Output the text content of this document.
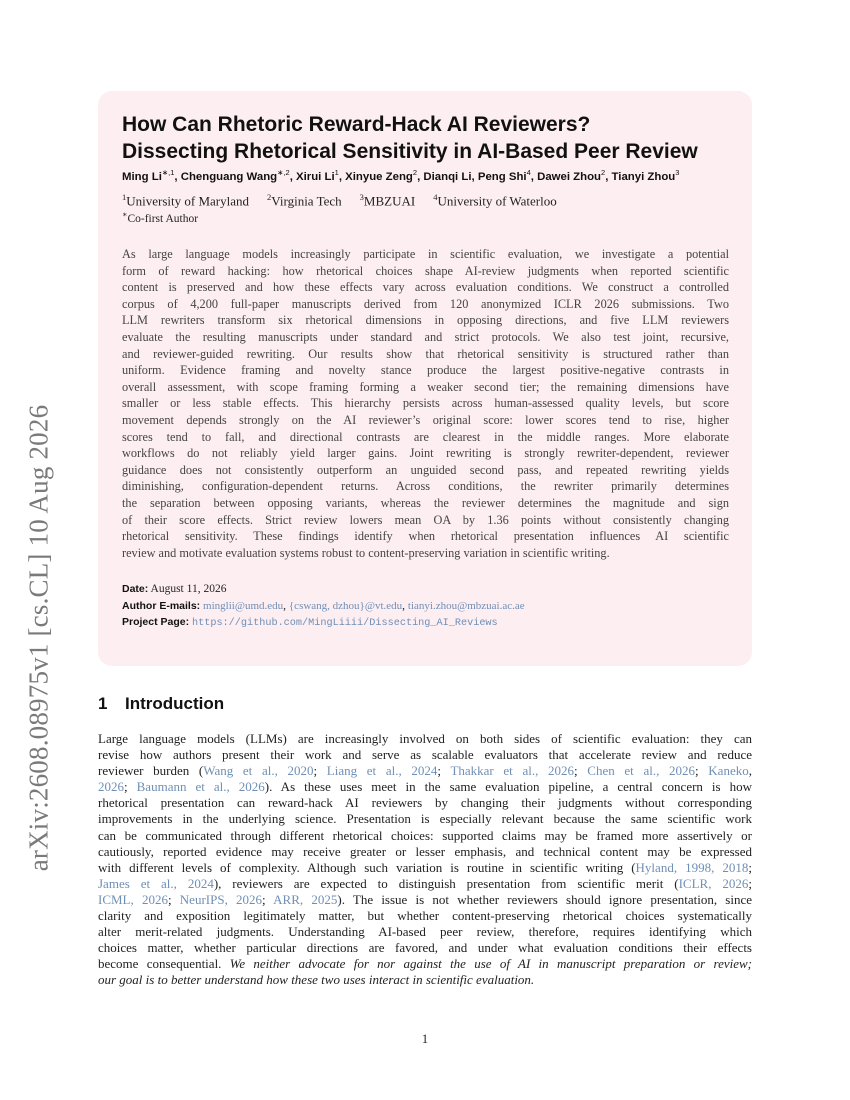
arXiv:2608.08975v1 [cs.CL] 10 Aug 2026
How Can Rhetoric Reward-Hack AI Reviewers?
Dissecting Rhetorical Sensitivity in AI-Based Peer Review
Ming $Li^{∗,1}$, Chenguang Wang$^{∗,2}$, Xirui Li$^1$, Xinyue Zeng$^2$, Dianqi Li, Peng Shi$^4$, Dawei Zhou$^2$, Tianyi Zhou$^3$
$^1$University of Maryland $^2$Virginia Tech $^3$MBZUAI $^4$University of Waterloo
∗Co-first Author
As large language models increasingly participate in scientific evaluation, we investigate a potential
form of reward hacking: how rhetorical choices shape AI-review judgments when reported scientific
content is preserved and how these effects vary across evaluation conditions. We construct a controlled
corpus of 4,200 full-paper manuscripts derived from 120 anonymized ICLR 2026 submissions. Two
LLM rewriters transform six rhetorical dimensions in opposing directions, and five LLM reviewers
evaluate the resulting manuscripts under standard and strict protocols. We also test joint, recursive,
and reviewer-guided rewriting. Our results show that rhetorical sensitivity is structured rather than
uniform. Evidence framing and novelty stance produce the largest positive-negative contrasts in
overall assessment, with scope framing forming a weaker second tier; the remaining dimensions have
smaller or less stable effects. This hierarchy persists across human-assessed quality levels, but score
movement depends strongly on the AI reviewer’s original score: lower scores tend to rise, higher
scores tend to fall, and directional contrasts are clearest in the middle ranges. More elaborate
workflows do not reliably yield larger gains. Joint rewriting is strongly rewriter-dependent, reviewer
guidance does not consistently outperform an unguided second pass, and repeated rewriting yields
diminishing, configuration-dependent returns. Across conditions, the rewriter primarily determines
the separation between opposing variants, whereas the reviewer determines the magnitude and sign
of their score effects. Strict review lowers mean OA by 1.36 points without consistently changing
rhetorical sensitivity. These findings identify when rhetorical presentation influences AI scientific
review and motivate evaluation systems robust to content-preserving variation in scientific writing.
Date: August 11, 2026
Author E-mails: minglii@umd.edu, {cswang, dzhou}@vt.edu, tianyi.zhou@mbzuai.ac.ae
Project Page: https://github.com/MingLiiii/Dissecting_AI_Reviews
1 Introduction
Large language models (LLMs) are increasingly involved on both sides of scientific evaluation: they can
revise how authors present their work and serve as scalable evaluators that accelerate review and reduce
reviewer burden (Wang et al., 2020; Liang et al., 2024; Thakkar et al., 2026; Chen et al., 2026; Kaneko,
2026; Baumann et al., 2026). As these uses meet in the same evaluation pipeline, a central concern is how
rhetorical presentation can reward-hack AI reviewers by changing their judgments without corresponding
improvements in the underlying science. Presentation is especially relevant because the same scientific work
can be communicated through different rhetorical choices: supported claims may be framed more assertively or
cautiously, reported evidence may receive greater or lesser emphasis, and technical content may be expressed
with different levels of complexity. Although such variation is routine in scientific writing (Hyland, 1998, 2018;
James et al., 2024), reviewers are expected to distinguish presentation from scientific merit (ICLR, 2026;
ICML, 2026; NeurIPS, 2026; ARR, 2025). The issue is not whether reviewers should ignore presentation, since
clarity and exposition legitimately matter, but whether content-preserving rhetorical choices systematically
alter merit-related judgments. Understanding AI-based peer review, therefore, requires identifying which
choices matter, whether particular directions are favored, and under what evaluation conditions their effects
become consequential. We neither advocate for nor against the use of AI in manuscript preparation or review;
our goal is to better understand how these two uses interact in scientific evaluation.
1
